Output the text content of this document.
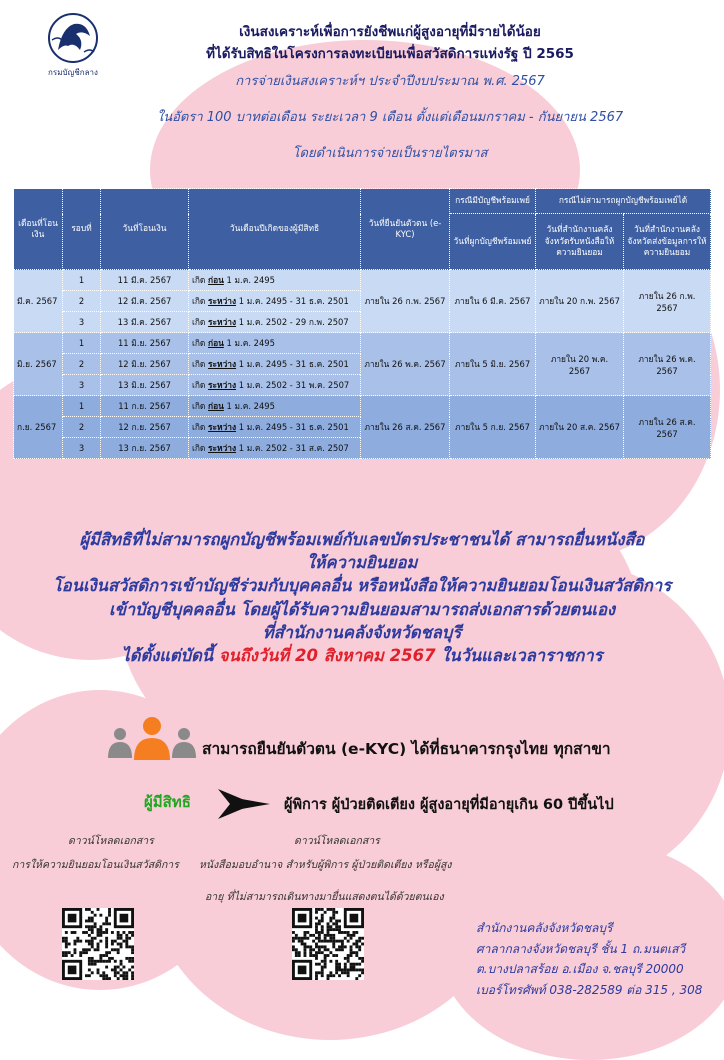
กรมบัญชีกลาง
เงินสงเคราะห์เพื่อการยังชีพแก่ผู้สูงอายุที่มีรายได้น้อย
ที่ได้รับสิทธิในโครงการลงทะเบียนเพื่อสวัสดิการแห่งรัฐ ปี 2565
การจ่ายเงินสงเคราะห์ฯ ประจำปีงบประมาณ พ.ศ. 2567
ในอัตรา 100 บาทต่อเดือน ระยะเวลา 9 เดือน ตั้งแต่เดือนมกราคม - กันยายน 2567
โดยดำเนินการจ่ายเป็นรายไตรมาส
เดือนที่โอนเงิน	รอบที่	วันที่โอนเงิน	วันเดือนปีเกิดของผู้มีสิทธิ	วันที่ยืนยันตัวตน (e-KYC)	กรณีมีบัญชีพร้อมเพย์	กรณีไม่สามารถผูกบัญชีพร้อมเพย์ได้	
					วันที่ผูกบัญชีพร้อมเพย์	วันที่สำนักงานคลังจังหวัดรับหนังสือให้ความยินยอม	วันที่สำนักงานคลังจังหวัดส่งข้อมูลการให้ความยินยอม
มี.ค. 2567	1	11 มี.ค. 2567	เกิด ก่อน 1 ม.ค. 2495	ภายใน 26 ก.พ. 2567	ภายใน 6 มี.ค. 2567	ภายใน 20 ก.พ. 2567	ภายใน 26 ก.พ. 2567
	2	12 มี.ค. 2567	เกิด ระหว่าง 1 ม.ค. 2495 - 31 ธ.ค. 2501				
	3	13 มี.ค. 2567	เกิด ระหว่าง 1 ม.ค. 2502 - 29 ก.พ. 2507				
มิ.ย. 2567	1	11 มิ.ย. 2567	เกิด ก่อน 1 ม.ค. 2495	ภายใน 26 พ.ค. 2567	ภายใน 5 มิ.ย. 2567	ภายใน 20 พ.ค. 2567	ภายใน 26 พ.ค. 2567
	2	12 มิ.ย. 2567	เกิด ระหว่าง 1 ม.ค. 2495 - 31 ธ.ค. 2501				
	3	13 มิ.ย. 2567	เกิด ระหว่าง 1 ม.ค. 2502 - 31 พ.ค. 2507				
ก.ย. 2567	1	11 ก.ย. 2567	เกิด ก่อน 1 ม.ค. 2495	ภายใน 26 ส.ค. 2567	ภายใน 5 ก.ย. 2567	ภายใน 20 ส.ค. 2567	ภายใน 26 ส.ค. 2567
	2	12 ก.ย. 2567	เกิด ระหว่าง 1 ม.ค. 2495 - 31 ธ.ค. 2501				
	3	13 ก.ย. 2567	เกิด ระหว่าง 1 ม.ค. 2502 - 31 ส.ค. 2507				
ผู้มีสิทธิที่ไม่สามารถผูกบัญชีพร้อมเพย์กับเลขบัตรประชาชนได้ สามารถยื่นหนังสือ
ให้ความยินยอม
โอนเงินสวัสดิการเข้าบัญชีร่วมกับบุคคลอื่น หรือหนังสือให้ความยินยอมโอนเงินสวัสดิการ
เข้าบัญชีบุคคลอื่น โดยผู้ได้รับความยินยอมสามารถส่งเอกสารด้วยตนเอง
ที่สำนักงานคลังจังหวัดชลบุรี
ได้ตั้งแต่บัดนี้ จนถึงวันที่ 20 สิงหาคม 2567 ในวันและเวลาราชการ
สามารถยืนยันตัวตน (e-KYC) ได้ที่ธนาคารกรุงไทย ทุกสาขา
ผู้มีสิทธิ	ผู้พิการ ผู้ป่วยติดเตียง ผู้สูงอายุที่มีอายุเกิน 60 ปีขึ้นไป
ดาวน์โหลดเอกสาร
การให้ความยินยอมโอนเงินสวัสดิการ
ดาวน์โหลดเอกสาร
หนังสือมอบอำนาจ สำหรับผู้พิการ ผู้ป่วยติดเตียง หรือผู้สูง
อายุ ที่ไม่สามารถเดินทางมายื่นแสดงตนได้ด้วยตนเอง
สำนักงานคลังจังหวัดชลบุรี
ศาลากลางจังหวัดชลบุรี ชั้น 1 ถ.มนตเสวี
ต.บางปลาสร้อย อ.เมือง จ.ชลบุรี 20000
เบอร์โทรศัพท์ 038-282589 ต่อ 315 , 308
